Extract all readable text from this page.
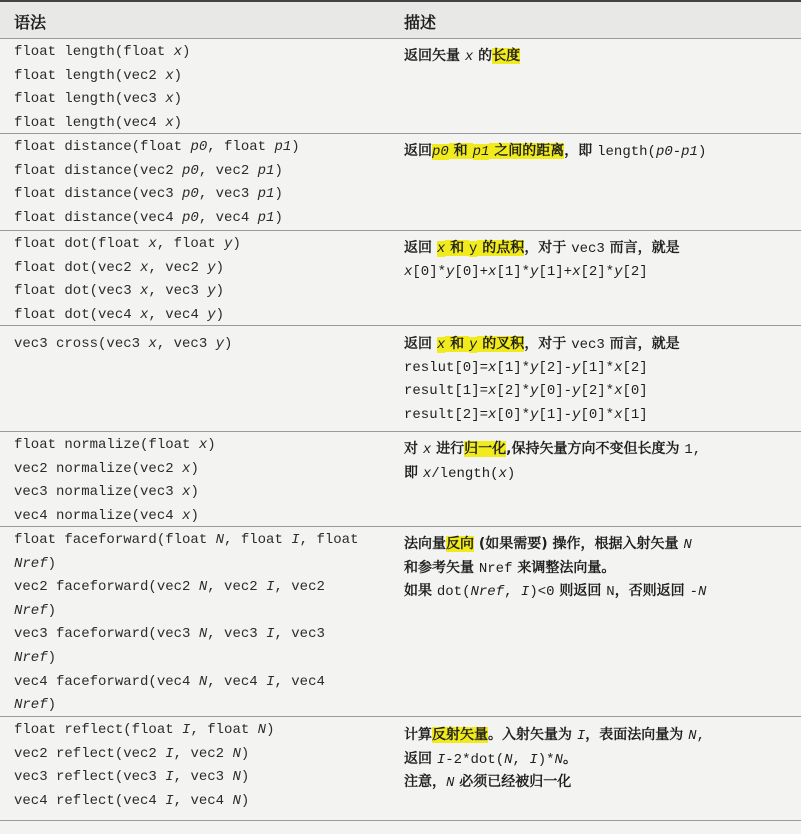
语法	描述
float length(float x)
float length(vec2 x)
float length(vec3 x)
float length(vec4 x)
返回矢量 x 的长度
float distance(float p0, float p1)
float distance(vec2 p0, vec2 p1)
float distance(vec3 p0, vec3 p1)
float distance(vec4 p0, vec4 p1)
返回p0 和 p1 之间的距离，即 length(p0-p1)
float dot(float x, float y)
float dot(vec2 x, vec2 y)
float dot(vec3 x, vec3 y)
float dot(vec4 x, vec4 y)
返回 x 和 y 的点积，对于 vec3 而言，就是
x[0]*y[0]+x[1]*y[1]+x[2]*y[2]
vec3 cross(vec3 x, vec3 y)	返回 x 和 y 的叉积，对于 vec3 而言，就是
reslut[0]=x[1]*y[2]-y[1]*x[2]
result[1]=x[2]*y[0]-y[2]*x[0]
result[2]=x[0]*y[1]-y[0]*x[1]
float normalize(float x)
vec2 normalize(vec2 x)
vec3 normalize(vec3 x)
vec4 normalize(vec4 x)
对 x 进行归一化,保持矢量方向不变但长度为 1,
即 x/length(x)
float faceforward(float N, float I, float
Nref)
vec2 faceforward(vec2 N, vec2 I, vec2
Nref)
vec3 faceforward(vec3 N, vec3 I, vec3
Nref)
vec4 faceforward(vec4 N, vec4 I, vec4
Nref)
法向量反向 (如果需要) 操作，根据入射矢量 N
和参考矢量 Nref 来调整法向量。
如果 dot(Nref, I)<0 则返回 N，否则返回 -N
float reflect(float I, float N)
vec2 reflect(vec2 I, vec2 N)
vec3 reflect(vec3 I, vec3 N)
vec4 reflect(vec4 I, vec4 N)
计算反射矢量。入射矢量为 I，表面法向量为 N,
返回 I-2*dot(N, I)*N。
注意，N 必须已经被归一化
